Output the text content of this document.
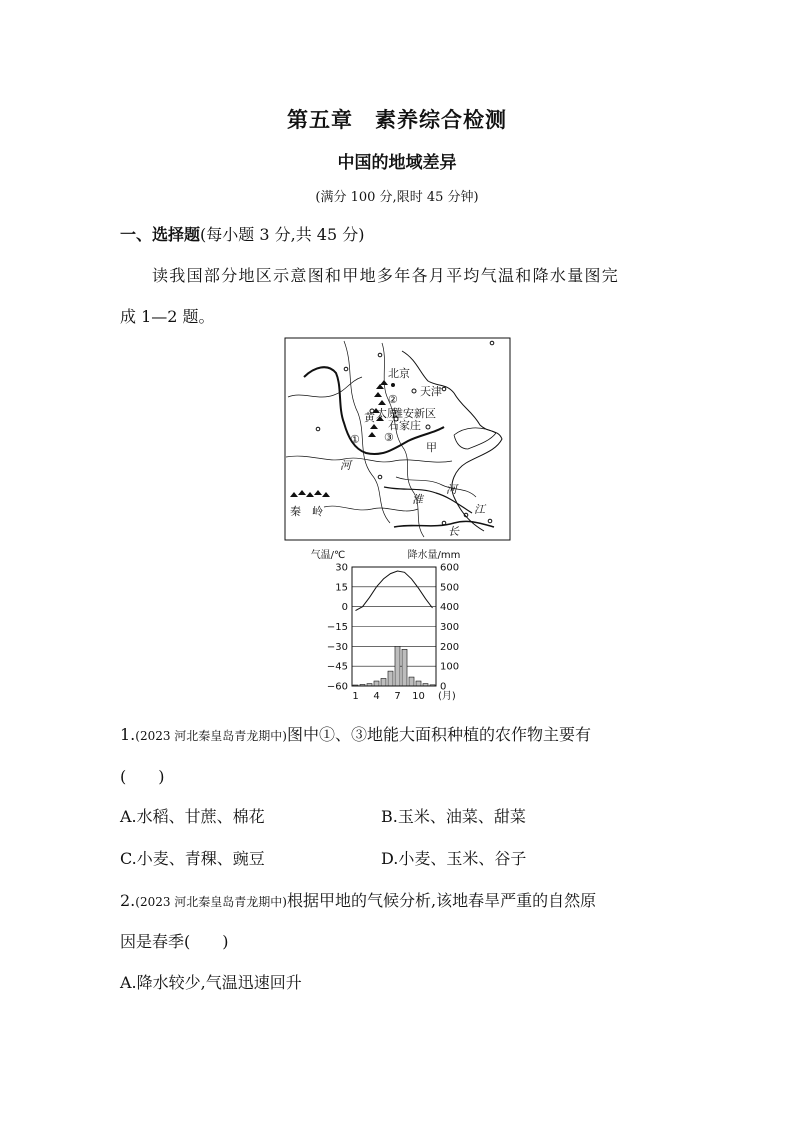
第五章 素养综合检测
中国的地域差异
(满分 100 分,限时 45 分钟)
一、选择题(每小题 3 分,共 45 分)
读我国部分地区示意图和甲地多年各月平均气温和降水量图完
成 1—2 题。
北京
天津
太原
雄安新区
石家庄
黄
河
甲
秦 岭
淮
河
江
长
②
① ③
气温/℃	降水量/mm
30
15
0
−15
−30
−45
−60
600
500
400
300
200
100
0
1 4 7 10 (月)
1.(2023 河北秦皇岛青龙期中)图中①、③地能大面积种植的农作物主要有
(　　)
A.水稻、甘蔗、棉花	B.玉米、油菜、甜菜
C.小麦、青稞、豌豆	D.小麦、玉米、谷子
2.(2023 河北秦皇岛青龙期中)根据甲地的气候分析,该地春旱严重的自然原
因是春季(　　)
A.降水较少,气温迅速回升
